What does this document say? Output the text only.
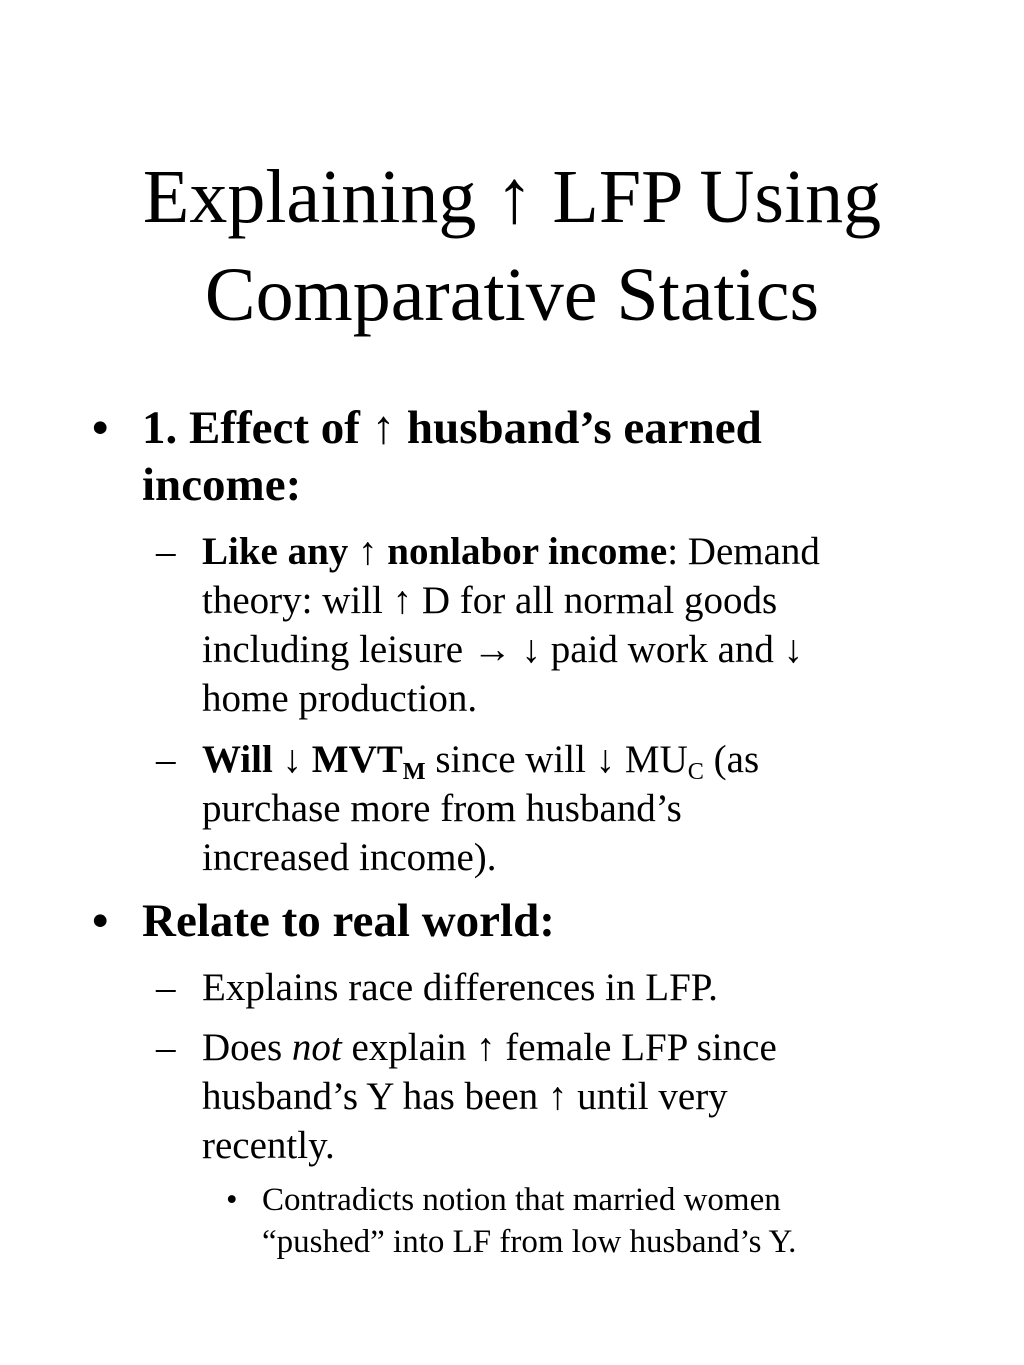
Explaining ↑ LFP Using
Comparative Statics
• 1. Effect of ↑ husband’s earned
income:
– Like any ↑ nonlabor income: Demand
theory: will ↑ D for all normal goods
including leisure → ↓ paid work and ↓
home production.
– Will ↓ $MVT_M$ since will ↓ $MU_C$ (as
purchase more from husband’s
increased income).
• Relate to real world:
– Explains race differences in LFP.
– Does not explain ↑ female LFP since
husband’s Y has been ↑ until very
recently.
• Contradicts notion that married women
“pushed” into LF from low husband’s Y.
